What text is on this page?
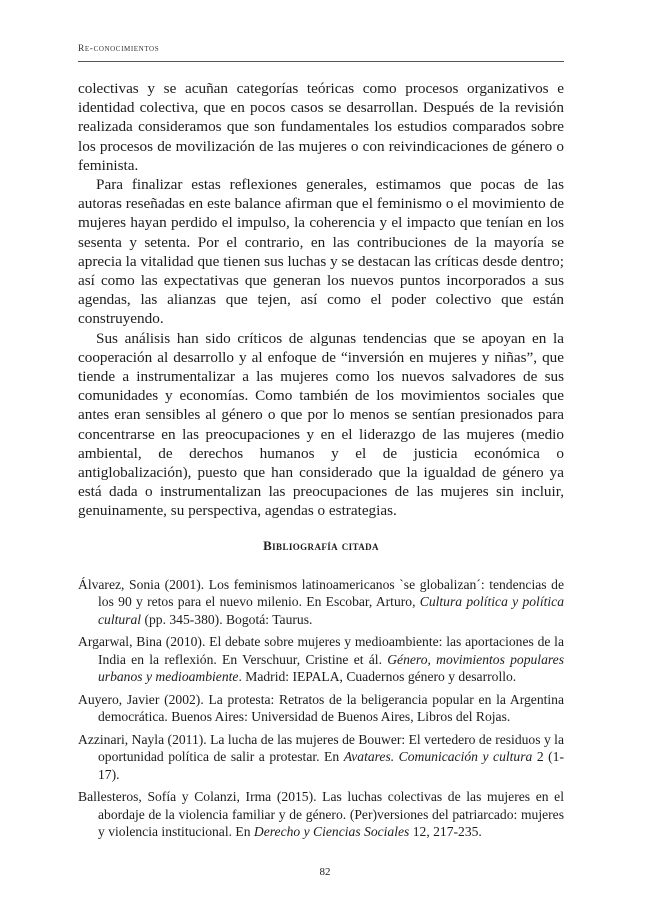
Re-conocimientos

colectivas y se acuñan categorías teóricas como procesos organizativos e identidad colectiva, que en pocos casos se desarrollan. Después de la revisión realizada consideramos que son fundamentales los estudios comparados sobre los procesos de movilización de las mujeres o con reivindicaciones de género o feminista.

Para finalizar estas reflexiones generales, estimamos que pocas de las autoras reseñadas en este balance afirman que el feminismo o el movimiento de mujeres hayan perdido el impulso, la coherencia y el impacto que tenían en los sesenta y setenta. Por el contrario, en las contribuciones de la mayoría se aprecia la vitalidad que tienen sus luchas y se destacan las críticas desde dentro; así como las expectativas que generan los nuevos puntos incorporados a sus agendas, las alianzas que tejen, así como el poder colectivo que están construyendo.

Sus análisis han sido críticos de algunas tendencias que se apoyan en la cooperación al desarrollo y al enfoque de “inversión en mujeres y niñas”, que tiende a instrumentalizar a las mujeres como los nuevos salvadores de sus comunidades y economías. Como también de los movimientos sociales que antes eran sensibles al género o que por lo menos se sentían presionados para concentrarse en las preocupaciones y en el liderazgo de las mujeres (medio ambiental, de derechos humanos y el de justicia económica o antiglobalización), puesto que han considerado que la igualdad de género ya está dada o instrumentalizan las preocupaciones de las mujeres sin incluir, genuinamente, su perspectiva, agendas o estrategias.

Bibliografía citada

Álvarez, Sonia (2001). Los feminismos latinoamericanos `se globalizan´: tendencias de los 90 y retos para el nuevo milenio. En Escobar, Arturo, Cultura política y política cultural (pp. 345-380). Bogotá: Taurus.

Argarwal, Bina (2010). El debate sobre mujeres y medioambiente: las aportaciones de la India en la reflexión. En Verschuur, Cristine et ál. Género, movimientos populares urbanos y medioambiente. Madrid: IEPALA, Cuadernos género y desarrollo.

Auyero, Javier (2002). La protesta: Retratos de la beligerancia popular en la Argentina democrática. Buenos Aires: Universidad de Buenos Aires, Libros del Rojas.

Azzinari, Nayla (2011). La lucha de las mujeres de Bouwer: El vertedero de residuos y la oportunidad política de salir a protestar. En Avatares. Comunicación y cultura 2 (1-17).

Ballesteros, Sofía y Colanzi, Irma (2015). Las luchas colectivas de las mujeres en el abordaje de la violencia familiar y de género. (Per)versiones del patriarcado: mujeres y violencia institucional. En Derecho y Ciencias Sociales 12, 217-235.

82
